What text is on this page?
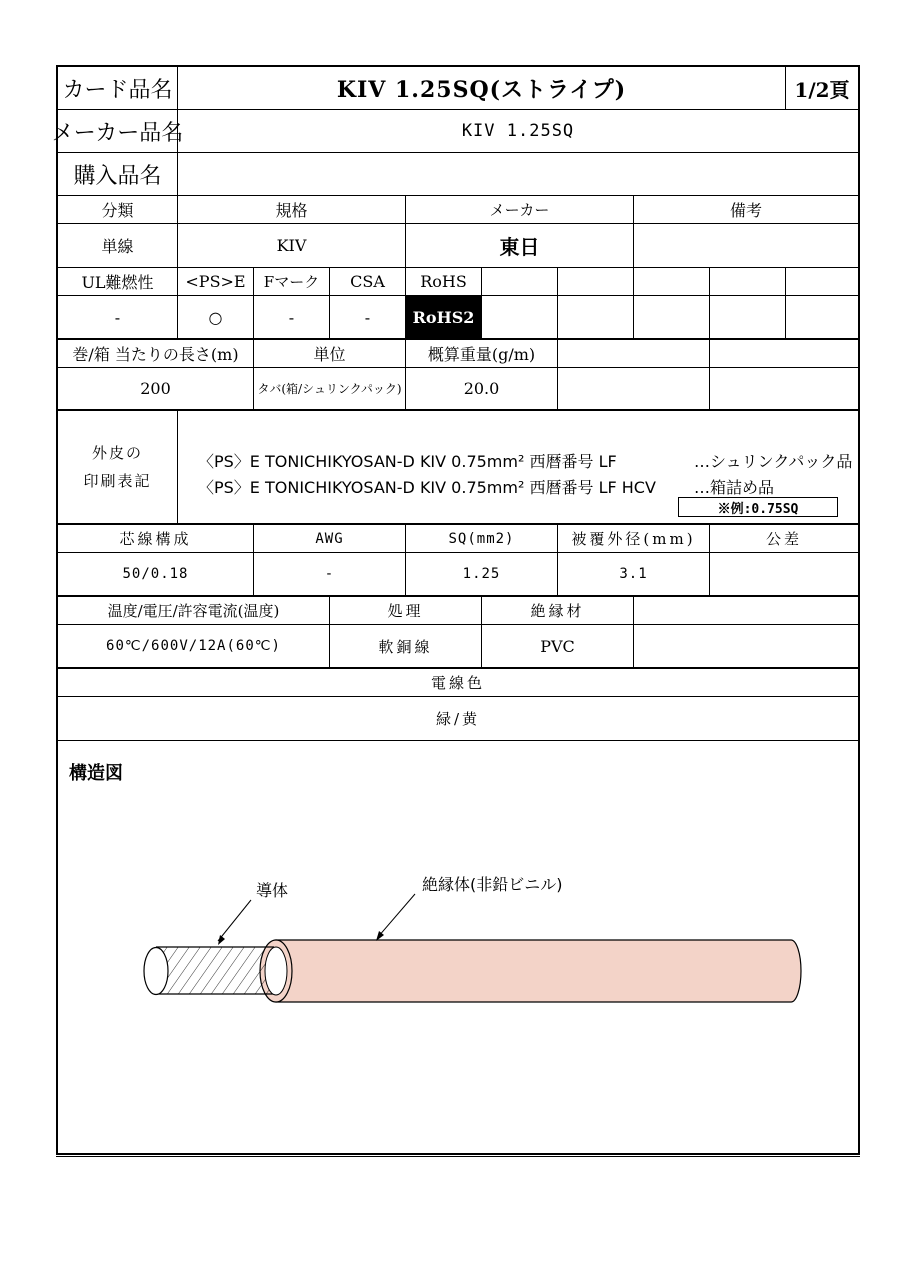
カード品名	KIV 1.25SQ(ストライプ)	1/2頁
メーカー品名	KIV 1.25SQ
購入品名
分類	規格	メーカー	備考
単線	KIV	東日
UL難燃性	<PS>E	Fマーク	CSA	RoHS
-	○	-	-	RoHS2
巻/箱 当たりの長さ(m)	単位	概算重量(g/m)
200	タバ(箱/シュリンクパック)	20.0
外皮の
印刷表記
〈PS〉E TONICHIKYOSAN-D KIV 0.75mm² 西暦番号 LF	…シュリンクパック品
〈PS〉E TONICHIKYOSAN-D KIV 0.75mm² 西暦番号 LF HCV	…箱詰め品
※例:0.75SQ
芯線構成	AWG	SQ(mm2)	被覆外径(mm)	公差
50/0.18	-	1.25	3.1
温度/電圧/許容電流(温度)	処理	絶縁材
60℃/600V/12A(60℃)	軟銅線	PVC
電線色
緑/黄
構造図
導体	絶縁体(非鉛ビニル)
